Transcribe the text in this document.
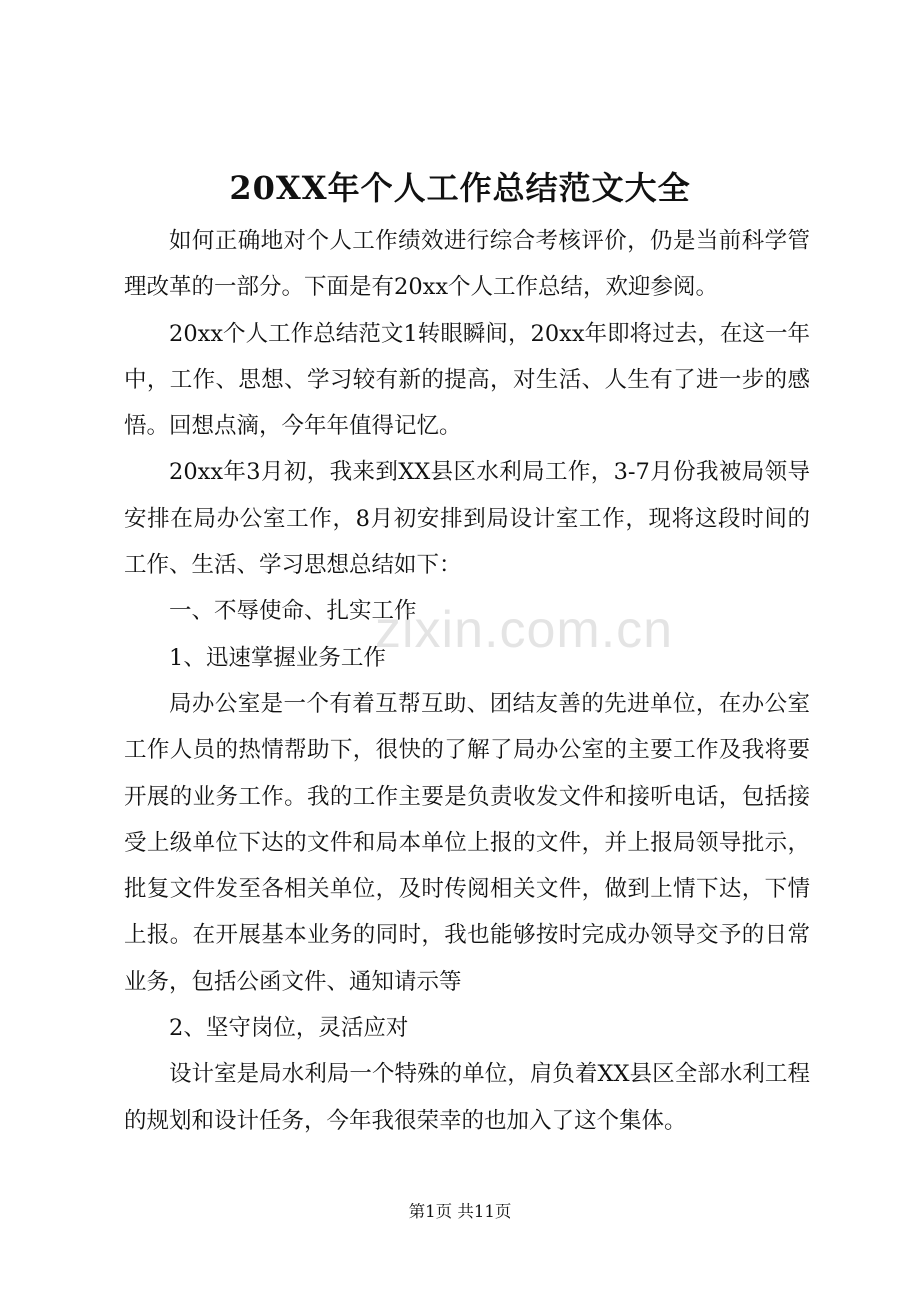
20XX年个人工作总结范文大全

如何正确地对个人工作绩效进行综合考核评价，仍是当前科学管理改革的一部分。下面是有20xx个人工作总结，欢迎参阅。

20xx个人工作总结范文1转眼瞬间，20xx年即将过去，在这一年中，工作、思想、学习较有新的提高，对生活、人生有了进一步的感悟。回想点滴，今年年值得记忆。

20xx年3月初，我来到XX县区水利局工作，3-7月份我被局领导安排在局办公室工作，8月初安排到局设计室工作，现将这段时间的工作、生活、学习思想总结如下：

一、不辱使命、扎实工作

1、迅速掌握业务工作

局办公室是一个有着互帮互助、团结友善的先进单位，在办公室工作人员的热情帮助下，很快的了解了局办公室的主要工作及我将要开展的业务工作。我的工作主要是负责收发文件和接听电话，包括接受上级单位下达的文件和局本单位上报的文件，并上报局领导批示，批复文件发至各相关单位，及时传阅相关文件，做到上情下达，下情上报。在开展基本业务的同时，我也能够按时完成办领导交予的日常业务，包括公函文件、通知请示等

2、坚守岗位，灵活应对

设计室是局水利局一个特殊的单位，肩负着XX县区全部水利工程的规划和设计任务，今年我很荣幸的也加入了这个集体。

zixin.com.cn
第1页 共11页
